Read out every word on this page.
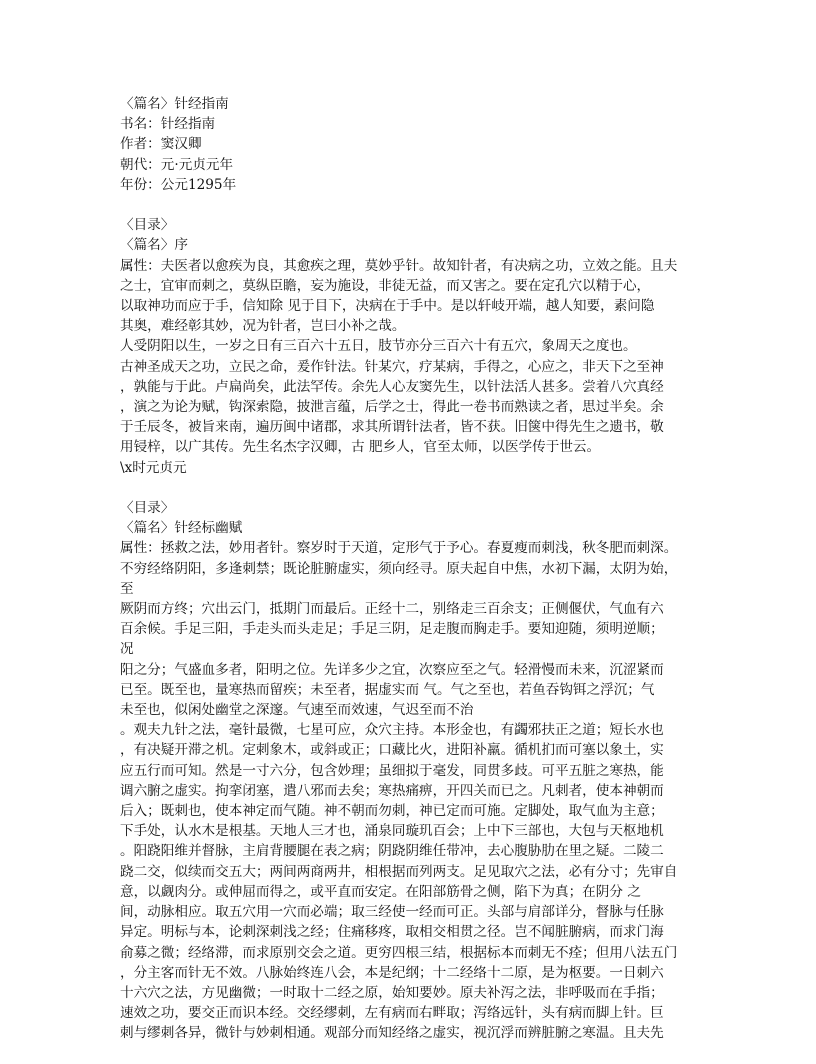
〈篇名〉针经指南
书名：针经指南
作者：窦汉卿
朝代：元·元贞元年
年份：公元1295年
〈目录〉
〈篇名〉序
属性：夫医者以愈疾为良，其愈疾之理，莫妙乎针。故知针者，有决病之功，立效之能。且夫
之士，宜审而刺之，莫纵臣瞻，妄为施设，非徒无益，而又害之。要在定孔穴以精于心，
以取神功而应于手，信知除 见于目下，决病在于手中。是以轩岐开端，越人知要，素问隐
其奥，难经彰其妙，况为针者，岂曰小补之哉。
人受阴阳以生，一岁之日有三百六十五日，肢节亦分三百六十有五穴，象周天之度也。
古神圣成天之功，立民之命，爰作针法。针某穴，疗某病，手得之，心应之，非天下之至神
，孰能与于此。卢扁尚矣，此法罕传。余先人心友窦先生，以针法活人甚多。尝着八穴真经
，演之为论为赋，钩深索隐，披泄言蕴，后学之士，得此一卷书而熟读之者，思过半矣。余
于壬辰冬，被旨来南，遍历闽中诸郡，求其所谓针法者，皆不获。旧箧中得先生之遗书，敬
用锓梓，以广其传。先生名杰字汉卿，古 肥乡人，官至太师，以医学传于世云。
\x时元贞元
〈目录〉
〈篇名〉针经标幽赋
属性：拯救之法，妙用者针。察岁时于天道，定形气于予心。春夏瘦而刺浅，秋冬肥而刺深。
不穷经络阴阳，多逢刺禁；既论脏腑虚实，须向经寻。原夫起自中焦，水初下漏，太阴为始，
至
厥阴而方终；穴出云门，抵期门而最后。正经十二，别络走三百余支；正侧偃伏，气血有六
百余候。手足三阳，手走头而头走足；手足三阴，足走腹而胸走手。要知迎随，须明逆顺；
况
阳之分；气盛血多者，阳明之位。先详多少之宜，次察应至之气。轻滑慢而未来，沉涩紧而
已至。既至也，量寒热而留疾；未至者，据虚实而 气。气之至也，若鱼吞钩铒之浮沉；气
未至也，似闲处幽堂之深邃。气速至而效速，气迟至而不治
。观夫九针之法，毫针最微，七星可应，众穴主持。本形金也，有蠲邪扶正之道；短长水也
，有决疑开滞之机。定刺象木，或斜或正；口藏比火，进阳补羸。循机扪而可塞以象土，实
应五行而可知。然是一寸六分，包含妙理；虽细拟于毫发，同贯多歧。可平五脏之寒热，能
调六腑之虚实。拘挛闭塞，遣八邪而去矣；寒热痛痹，开四关而已之。凡刺者，使本神朝而
后入；既刺也，使本神定而气随。神不朝而勿刺，神已定而可施。定脚处，取气血为主意；
下手处，认水木是根基。天地人三才也，涌泉同璇玑百会；上中下三部也，大包与天枢地机
。阳跷阳维并督脉，主肩背腰腿在表之病；阴跷阴维任带冲，去心腹胁肋在里之疑。二陵二
跷二交，似续而交五大；两间两商两井，相根据而列两支。足见取穴之法，必有分寸；先审自
意，以觑肉分。或伸屈而得之，或平直而安定。在阳部筋骨之侧，陷下为真；在阴分 之
间，动脉相应。取五穴用一穴而必端；取三经使一经而可正。头部与肩部详分，督脉与任脉
异定。明标与本，论刺深刺浅之经；住痛移疼，取相交相贯之径。岂不闻脏腑病，而求门海
俞募之微；经络滞，而求原别交会之道。更穷四根三结，根据标本而刺无不痊；但用八法五门
，分主客而针无不效。八脉始终连八会，本是纪纲；十二经络十二原，是为枢要。一日刺六
十六穴之法，方见幽微；一时取十二经之原，始知要妙。原夫补泻之法，非呼吸而在手指；
速效之功，要交正而识本经。交经缪刺，左有病而右畔取；泻络远针，头有病而脚上针。巨
刺与缪刺各异，微针与妙刺相通。观部分而知经络之虚实，视沉浮而辨脏腑之寒温。且夫先
